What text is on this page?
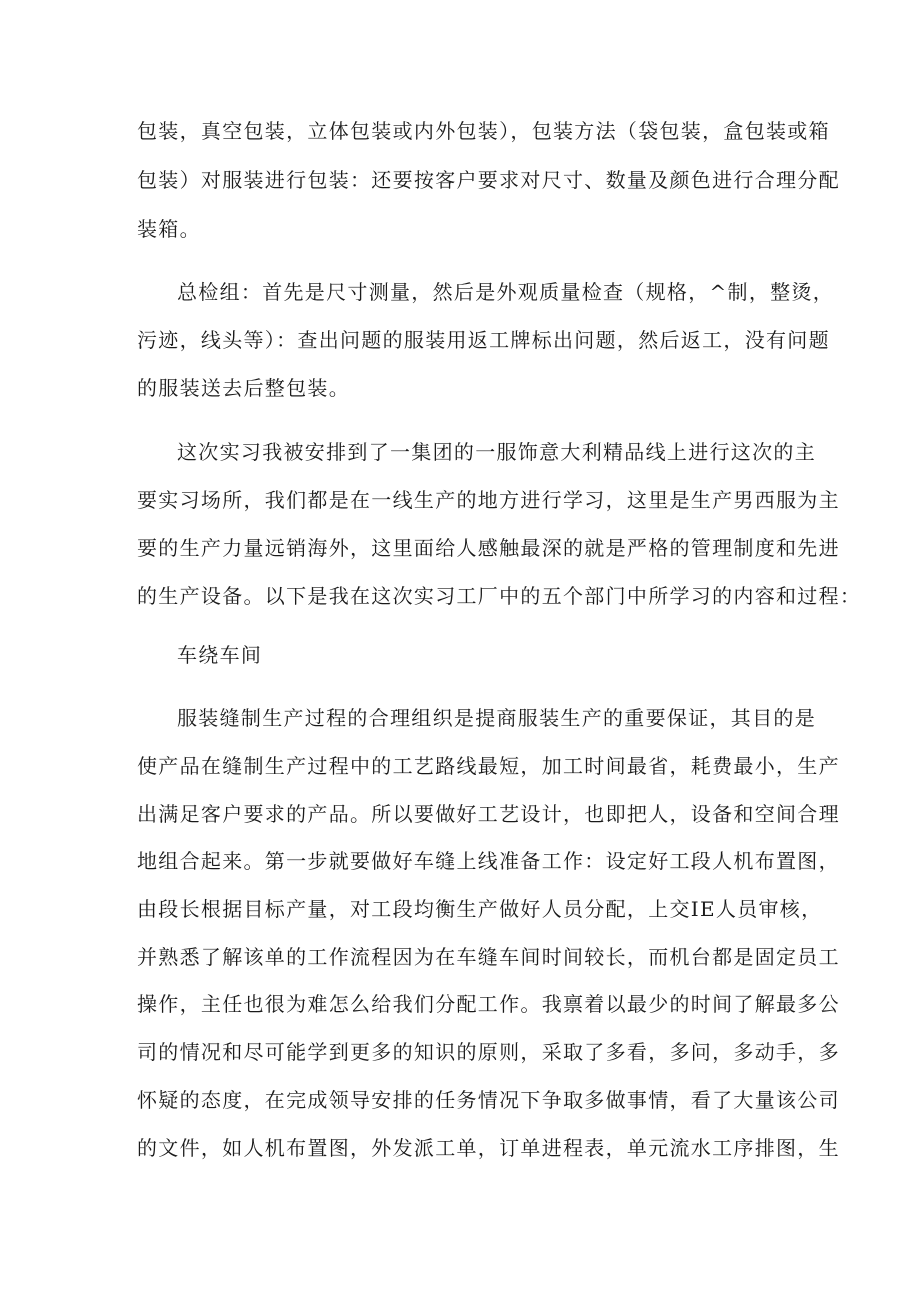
包装，真空包装，立体包装或内外包装），包装方法（袋包装，盒包装或箱

包装）对服装进行包装：还要按客户要求对尺寸、数量及颜色进行合理分配

装箱。

总检组：首先是尺寸测量，然后是外观质量检查（规格，^制，整烫，

污迹，线头等）：查出问题的服装用返工牌标出问题，然后返工，没有问题

的服装送去后整包装。

这次实习我被安排到了一集团的一服饰意大利精品线上进行这次的主

要实习场所，我们都是在一线生产的地方进行学习，这里是生产男西服为主

要的生产力量远销海外，这里面给人感触最深的就是严格的管理制度和先进

的生产设备。以下是我在这次实习工厂中的五个部门中所学习的内容和过程：

车绕车间

服装缝制生产过程的合理组织是提商服装生产的重要保证，其目的是

使产品在缝制生产过程中的工艺路线最短，加工时间最省，耗费最小，生产

出满足客户要求的产品。所以要做好工艺设计，也即把人，设备和空间合理

地组合起来。第一步就要做好车缝上线准备工作：设定好工段人机布置图，

由段长根据目标产量，对工段均衡生产做好人员分配，上交IE人员审核，

并熟悉了解该单的工作流程因为在车缝车间时间较长，而机台都是固定员工

操作，主任也很为难怎么给我们分配工作。我禀着以最少的时间了解最多公

司的情况和尽可能学到更多的知识的原则，采取了多看，多问，多动手，多

怀疑的态度，在完成领导安排的任务情况下争取多做事情，看了大量该公司

的文件，如人机布置图，外发派工单，订单进程表，单元流水工序排图，生
